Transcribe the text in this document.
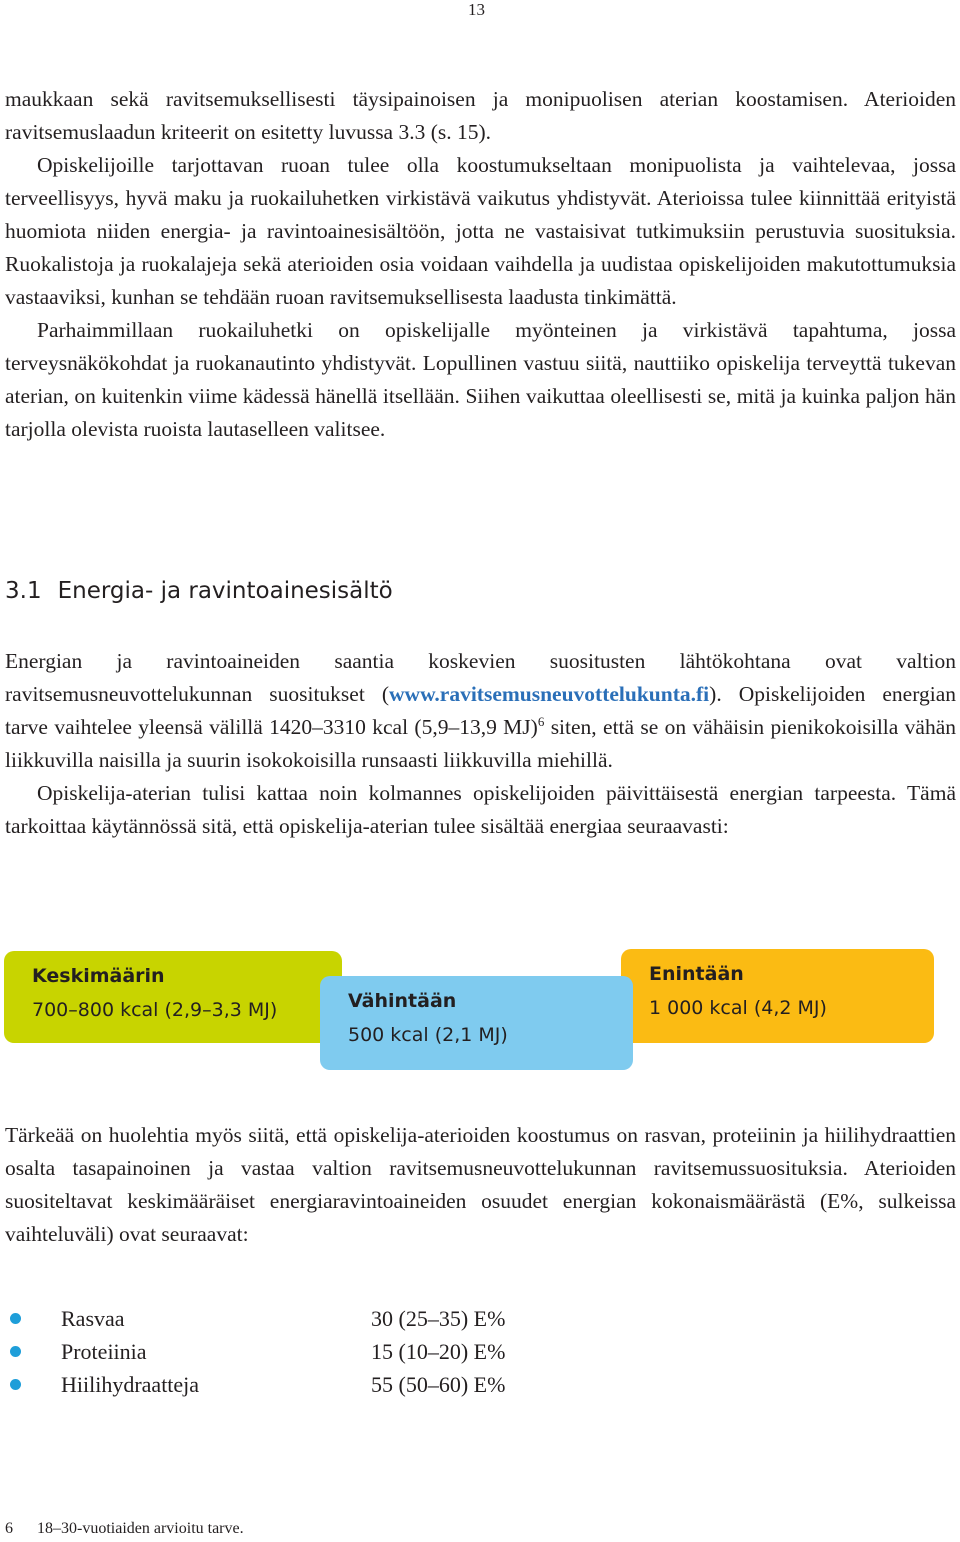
13

maukkaan sekä ravitsemuksellisesti täysipainoisen ja monipuolisen aterian koostamisen. Aterioiden ravitsemuslaadun kriteerit on esitetty luvussa 3.3 (s. 15).
Opiskelijoille tarjottavan ruoan tulee olla koostumukseltaan monipuolista ja vaihtelevaa, jossa terveellisyys, hyvä maku ja ruokailuhetken virkistävä vaikutus yhdistyvät. Aterioissa tulee kiinnittää erityistä huomiota niiden energia- ja ravintoainesisältöön, jotta ne vastaisivat tutkimuksiin perustuvia suosituksia. Ruokalistoja ja ruokalajeja sekä aterioiden osia voidaan vaihdella ja uudistaa opiskelijoiden makutottumuksia vastaaviksi, kunhan se tehdään ruoan ravitsemuksellisesta laadusta tinkimättä.
Parhaimmillaan ruokailuhetki on opiskelijalle myönteinen ja virkistävä tapahtuma, jossa terveysnäkökohdat ja ruokanautinto yhdistyvät. Lopullinen vastuu siitä, nauttiiko opiskelija terveyttä tukevan aterian, on kuitenkin viime kädessä hänellä itsellään. Siihen vaikuttaa oleellisesti se, mitä ja kuinka paljon hän tarjolla olevista ruoista lautaselleen valitsee.

3.1 Energia- ja ravintoainesisältö

Energian ja ravintoaineiden saantia koskevien suositusten lähtökohtana ovat valtion ravitsemusneuvottelukunnan suositukset (www.ravitsemusneuvottelukunta.fi). Opiskelijoiden energian tarve vaihtelee yleensä välillä 1420–3310 kcal (5,9–13,9 MJ)$^6$ siten, että se on vähäisin pienikokoisilla vähän liikkuvilla naisilla ja suurin isokokoisilla runsaasti liikkuvilla miehillä.
Opiskelija-aterian tulisi kattaa noin kolmannes opiskelijoiden päivittäisestä energian tarpeesta. Tämä tarkoittaa käytännössä sitä, että opiskelija-aterian tulee sisältää energiaa seuraavasti:

Keskimäärin
700–800 kcal (2,9–3,3 MJ)
Enintään
1 000 kcal (4,2 MJ)
Vähintään
500 kcal (2,1 MJ)

Tärkeää on huolehtia myös siitä, että opiskelija-aterioiden koostumus on rasvan, proteiinin ja hiilihydraattien osalta tasapainoinen ja vastaa valtion ravitsemusneuvottelukunnan ravitsemussuosituksia. Aterioiden suositeltavat keskimääräiset energiaravintoaineiden osuudet energian kokonaismäärästä (E%, sulkeissa vaihteluväli) ovat seuraavat:

Rasvaa	30 (25–35) E%
Proteiinia	15 (10–20) E%
Hiilihydraatteja	55 (50–60) E%
6 18–30-vuotiaiden arvioitu tarve.
